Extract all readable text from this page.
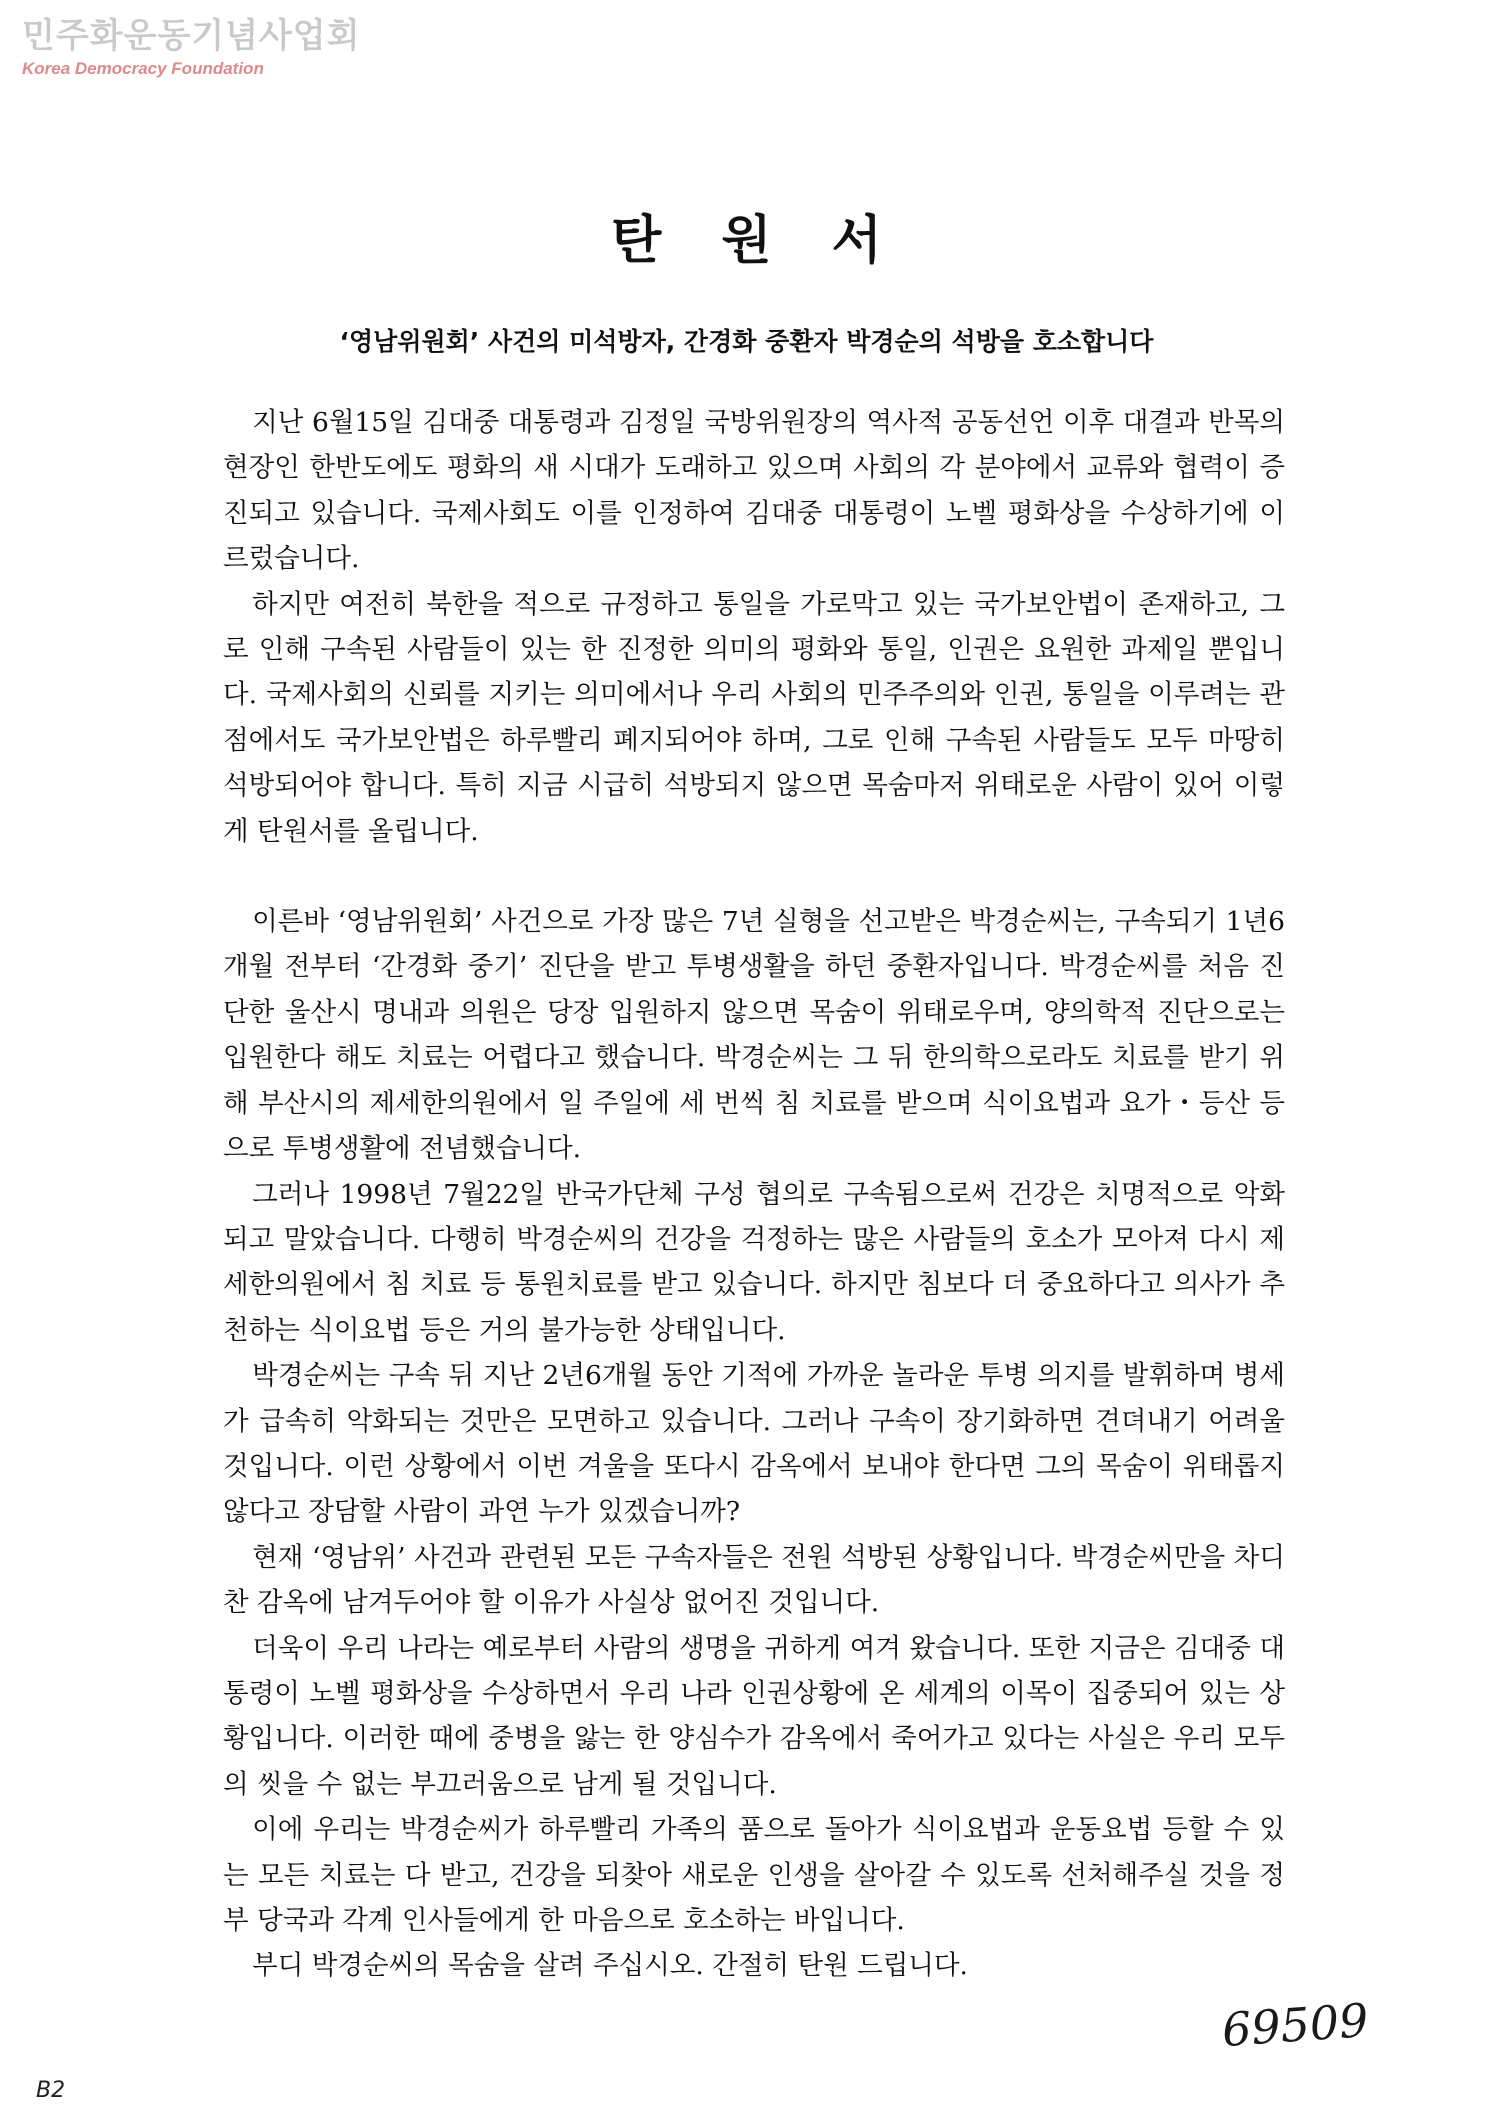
민주화운동기념사업회
Korea Democracy Foundation
탄원서
‘영남위원회’ 사건의 미석방자, 간경화 중환자 박경순의 석방을 호소합니다

지난 6월15일 김대중 대통령과 김정일 국방위원장의 역사적 공동선언 이후 대결과 반목의 현장인 한반도에도 평화의 새 시대가 도래하고 있으며 사회의 각 분야에서 교류와 협력이 증진되고 있습니다. 국제사회도 이를 인정하여 김대중 대통령이 노벨 평화상을 수상하기에 이르렀습니다.

하지만 여전히 북한을 적으로 규정하고 통일을 가로막고 있는 국가보안법이 존재하고, 그로 인해 구속된 사람들이 있는 한 진정한 의미의 평화와 통일, 인권은 요원한 과제일 뿐입니다. 국제사회의 신뢰를 지키는 의미에서나 우리 사회의 민주주의와 인권, 통일을 이루려는 관점에서도 국가보안법은 하루빨리 폐지되어야 하며, 그로 인해 구속된 사람들도 모두 마땅히 석방되어야 합니다. 특히 지금 시급히 석방되지 않으면 목숨마저 위태로운 사람이 있어 이렇게 탄원서를 올립니다.

이른바 ‘영남위원회’ 사건으로 가장 많은 7년 실형을 선고받은 박경순씨는, 구속되기 1년6개월 전부터 ‘간경화 중기’ 진단을 받고 투병생활을 하던 중환자입니다. 박경순씨를 처음 진단한 울산시 명내과 의원은 당장 입원하지 않으면 목숨이 위태로우며, 양의학적 진단으로는 입원한다 해도 치료는 어렵다고 했습니다. 박경순씨는 그 뒤 한의학으로라도 치료를 받기 위해 부산시의 제세한의원에서 일 주일에 세 번씩 침 치료를 받으며 식이요법과 요가・등산 등으로 투병생활에 전념했습니다.

그러나 1998년 7월22일 반국가단체 구성 협의로 구속됨으로써 건강은 치명적으로 악화되고 말았습니다. 다행히 박경순씨의 건강을 걱정하는 많은 사람들의 호소가 모아져 다시 제세한의원에서 침 치료 등 통원치료를 받고 있습니다. 하지만 침보다 더 중요하다고 의사가 추천하는 식이요법 등은 거의 불가능한 상태입니다.

박경순씨는 구속 뒤 지난 2년6개월 동안 기적에 가까운 놀라운 투병 의지를 발휘하며 병세가 급속히 악화되는 것만은 모면하고 있습니다. 그러나 구속이 장기화하면 견뎌내기 어려울 것입니다. 이런 상황에서 이번 겨울을 또다시 감옥에서 보내야 한다면 그의 목숨이 위태롭지 않다고 장담할 사람이 과연 누가 있겠습니까?

현재 ‘영남위’ 사건과 관련된 모든 구속자들은 전원 석방된 상황입니다. 박경순씨만을 차디찬 감옥에 남겨두어야 할 이유가 사실상 없어진 것입니다.

더욱이 우리 나라는 예로부터 사람의 생명을 귀하게 여겨 왔습니다. 또한 지금은 김대중 대통령이 노벨 평화상을 수상하면서 우리 나라 인권상황에 온 세계의 이목이 집중되어 있는 상황입니다. 이러한 때에 중병을 앓는 한 양심수가 감옥에서 죽어가고 있다는 사실은 우리 모두의 씻을 수 없는 부끄러움으로 남게 될 것입니다.

이에 우리는 박경순씨가 하루빨리 가족의 품으로 돌아가 식이요법과 운동요법 등할 수 있는 모든 치료는 다 받고, 건강을 되찾아 새로운 인생을 살아갈 수 있도록 선처해주실 것을 정부 당국과 각계 인사들에게 한 마음으로 호소하는 바입니다.

부디 박경순씨의 목숨을 살려 주십시오. 간절히 탄원 드립니다.

B2
69509
